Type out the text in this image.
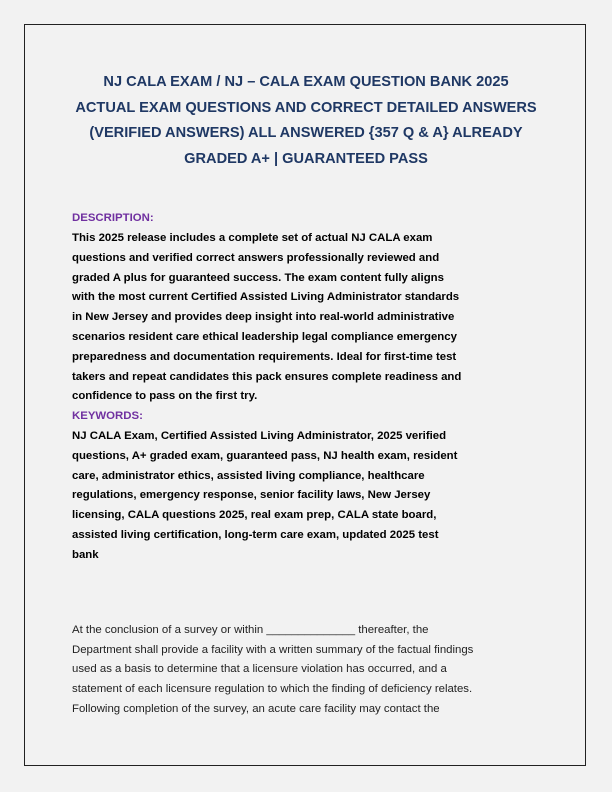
NJ CALA EXAM / NJ – CALA EXAM QUESTION BANK 2025
ACTUAL EXAM QUESTIONS AND CORRECT DETAILED ANSWERS
(VERIFIED ANSWERS) ALL ANSWERED {357 Q & A} ALREADY
GRADED A+ | GUARANTEED PASS
DESCRIPTION:
This 2025 release includes a complete set of actual NJ CALA exam
questions and verified correct answers professionally reviewed and
graded A plus for guaranteed success. The exam content fully aligns
with the most current Certified Assisted Living Administrator standards
in New Jersey and provides deep insight into real-world administrative
scenarios resident care ethical leadership legal compliance emergency
preparedness and documentation requirements. Ideal for first-time test
takers and repeat candidates this pack ensures complete readiness and
confidence to pass on the first try.
KEYWORDS:
NJ CALA Exam, Certified Assisted Living Administrator, 2025 verified
questions, A+ graded exam, guaranteed pass, NJ health exam, resident
care, administrator ethics, assisted living compliance, healthcare
regulations, emergency response, senior facility laws, New Jersey
licensing, CALA questions 2025, real exam prep, CALA state board,
assisted living certification, long-term care exam, updated 2025 test
bank
At the conclusion of a survey or within ______________ thereafter, the
Department shall provide a facility with a written summary of the factual findings
used as a basis to determine that a licensure violation has occurred, and a
statement of each licensure regulation to which the finding of deficiency relates.
Following completion of the survey, an acute care facility may contact the
